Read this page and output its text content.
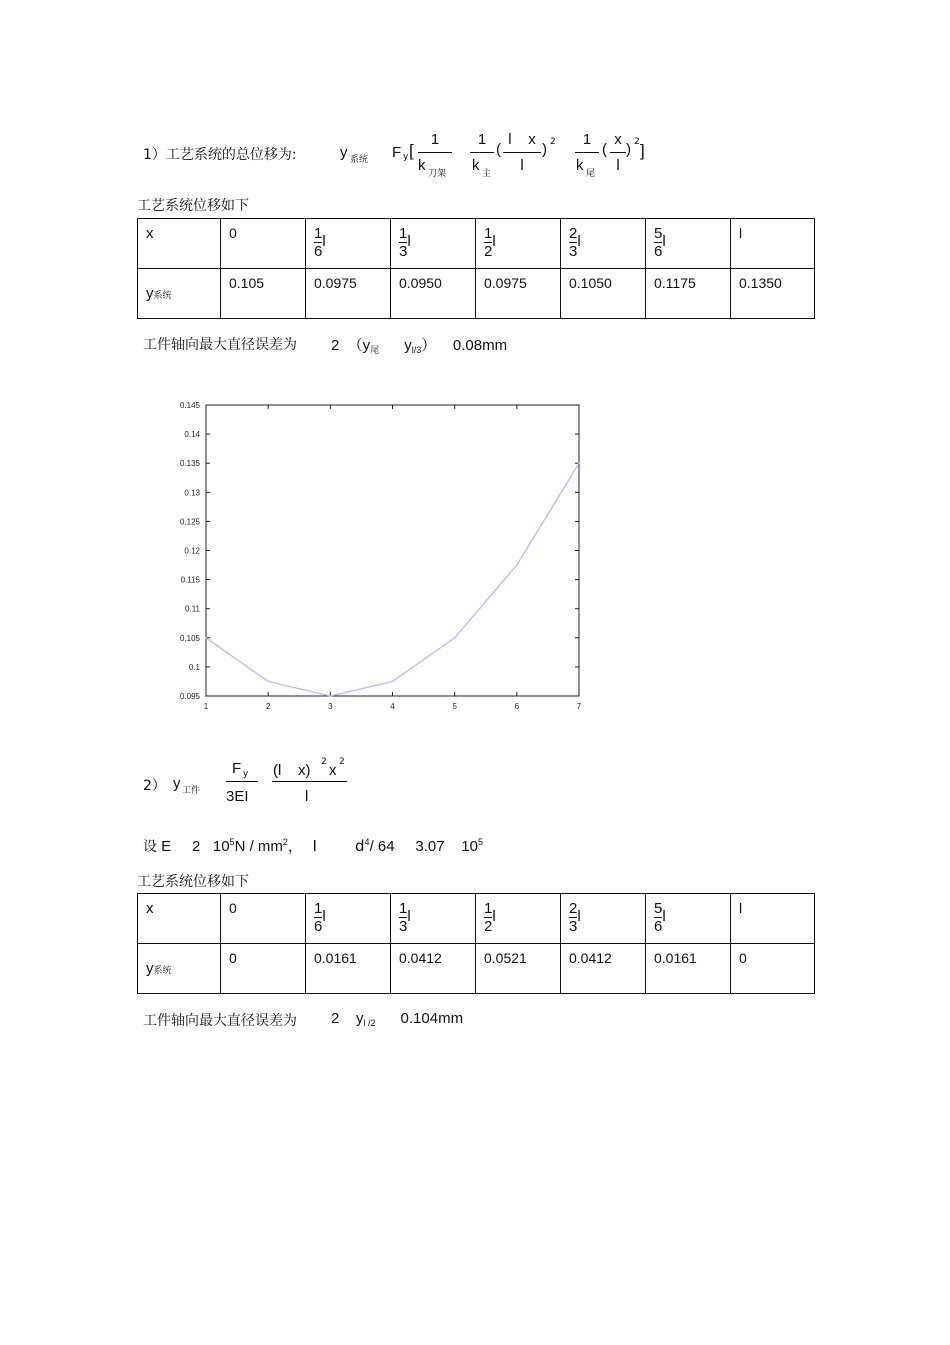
1）工艺系统的总位移为:	y 系统 F y [
1
k 刀架
1
k 主
(
l    x
l
) 2	1
k 尾
(
x
l
) 2 ]
工艺系统位移如下
x	0	$\frac{1}{6}$ l	$\frac{1}{3}$ l	$\frac{1}{2}$ l	$\frac{2}{3}$ l	$\frac{5}{6}$ l	l
y系统	0.105	0.0975	0.0950	0.0975	0.1050	0.1175	0.1350
工件轴向最大直径误差为 2  （$y_尾$ $y_{l/3}$） 0.08mm
1	2	3	4	5	6	7
0.095
0.1
0.105
0.11
0.115
0.12
0.125
0.13
0.135
0.14
0.145
2） y 工件
F y
3EI
(l    x) 2 x 2
l
设 E     2   $10^5N / mm^2$，  I        $d^4/$ 64     3.07    $10^5$
工艺系统位移如下
x	0	$\frac{1}{6}$ l	$\frac{1}{3}$ l	$\frac{1}{2}$ l	$\frac{2}{3}$ l	$\frac{5}{6}$ l	l
y系统	0	0.0161	0.0412	0.0521	0.0412	0.0161	0
工件轴向最大直径误差为 2    $y_{l /2}$ 0.104mm
